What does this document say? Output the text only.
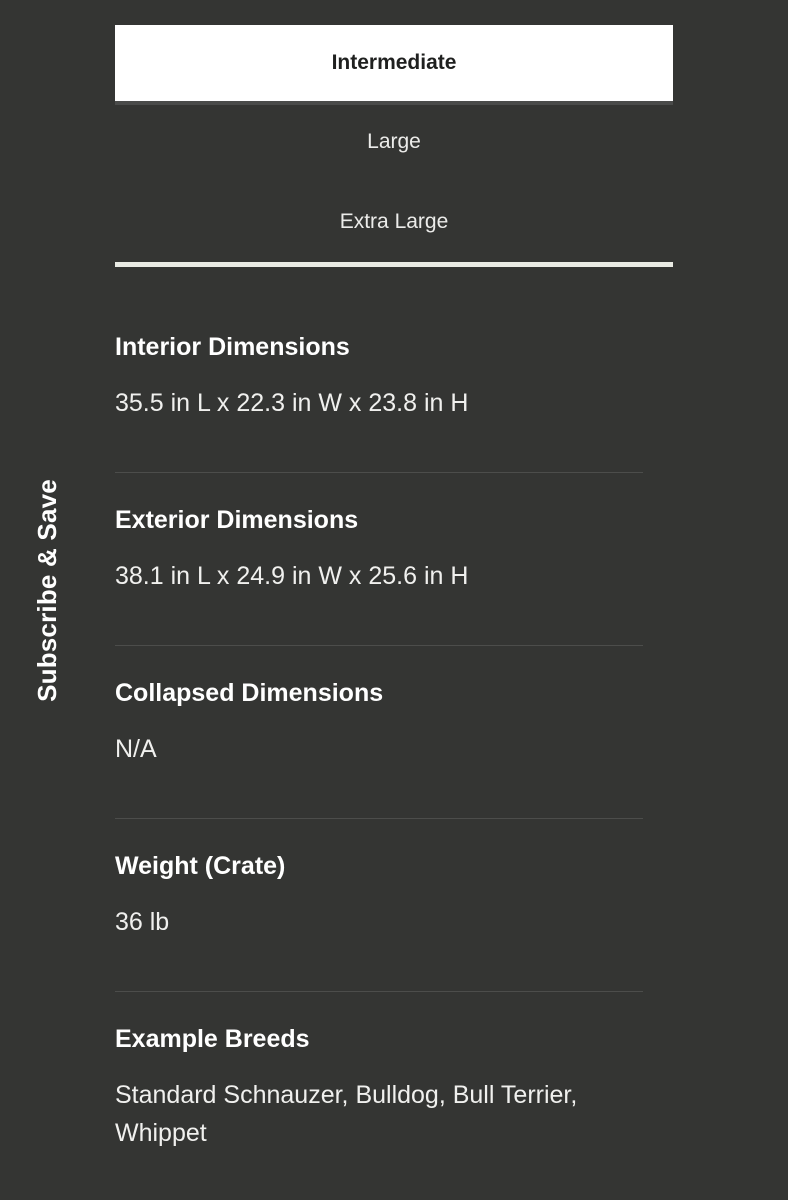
Subscribe & Save
Intermediate
Large
Extra Large
Interior Dimensions
35.5 in L x 22.3 in W x 23.8 in H
Exterior Dimensions
38.1 in L x 24.9 in W x 25.6 in H
Collapsed Dimensions
N/A
Weight (Crate)
36 lb
Example Breeds
Standard Schnauzer, Bulldog, Bull Terrier, Whippet
